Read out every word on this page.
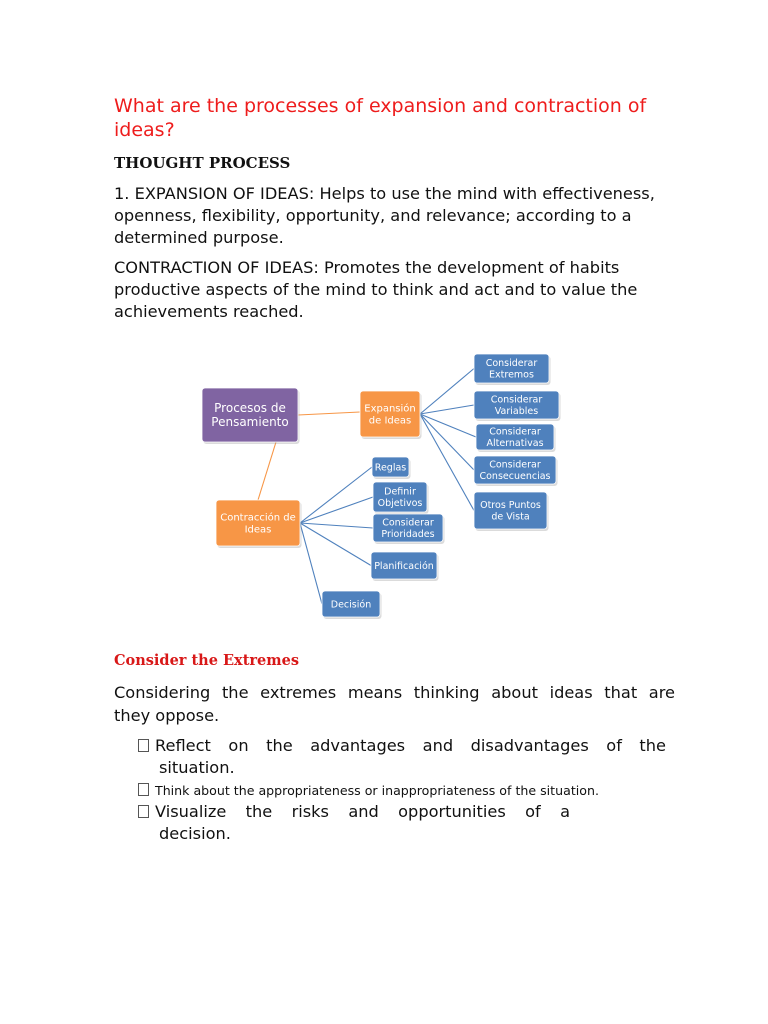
What are the processes of expansion and contraction of ideas?
THOUGHT PROCESS
1. EXPANSION OF IDEAS: Helps to use the mind with effectiveness, openness, flexibility, opportunity, and relevance; according to a determined purpose.
CONTRACTION OF IDEAS: Promotes the development of habits productive aspects of the mind to think and act and to value the achievements reached.
Procesos de
Pensamiento
Expansión
de Ideas
Contracción de
Ideas
Considerar
Extremos
Considerar
Variables
Considerar
Alternativas
Considerar
Consecuencias
Otros Puntos
de Vista
Reglas
Definir
Objetivos
Considerar
Prioridades
Planificación
Decisión
Consider the Extremes
Considering the extremes means thinking about ideas that are
they oppose.
Reflect on the advantages and disadvantages of the
situation.
Think about the appropriateness or inappropriateness of the situation.
Visualize the risks and opportunities of a
decision.
